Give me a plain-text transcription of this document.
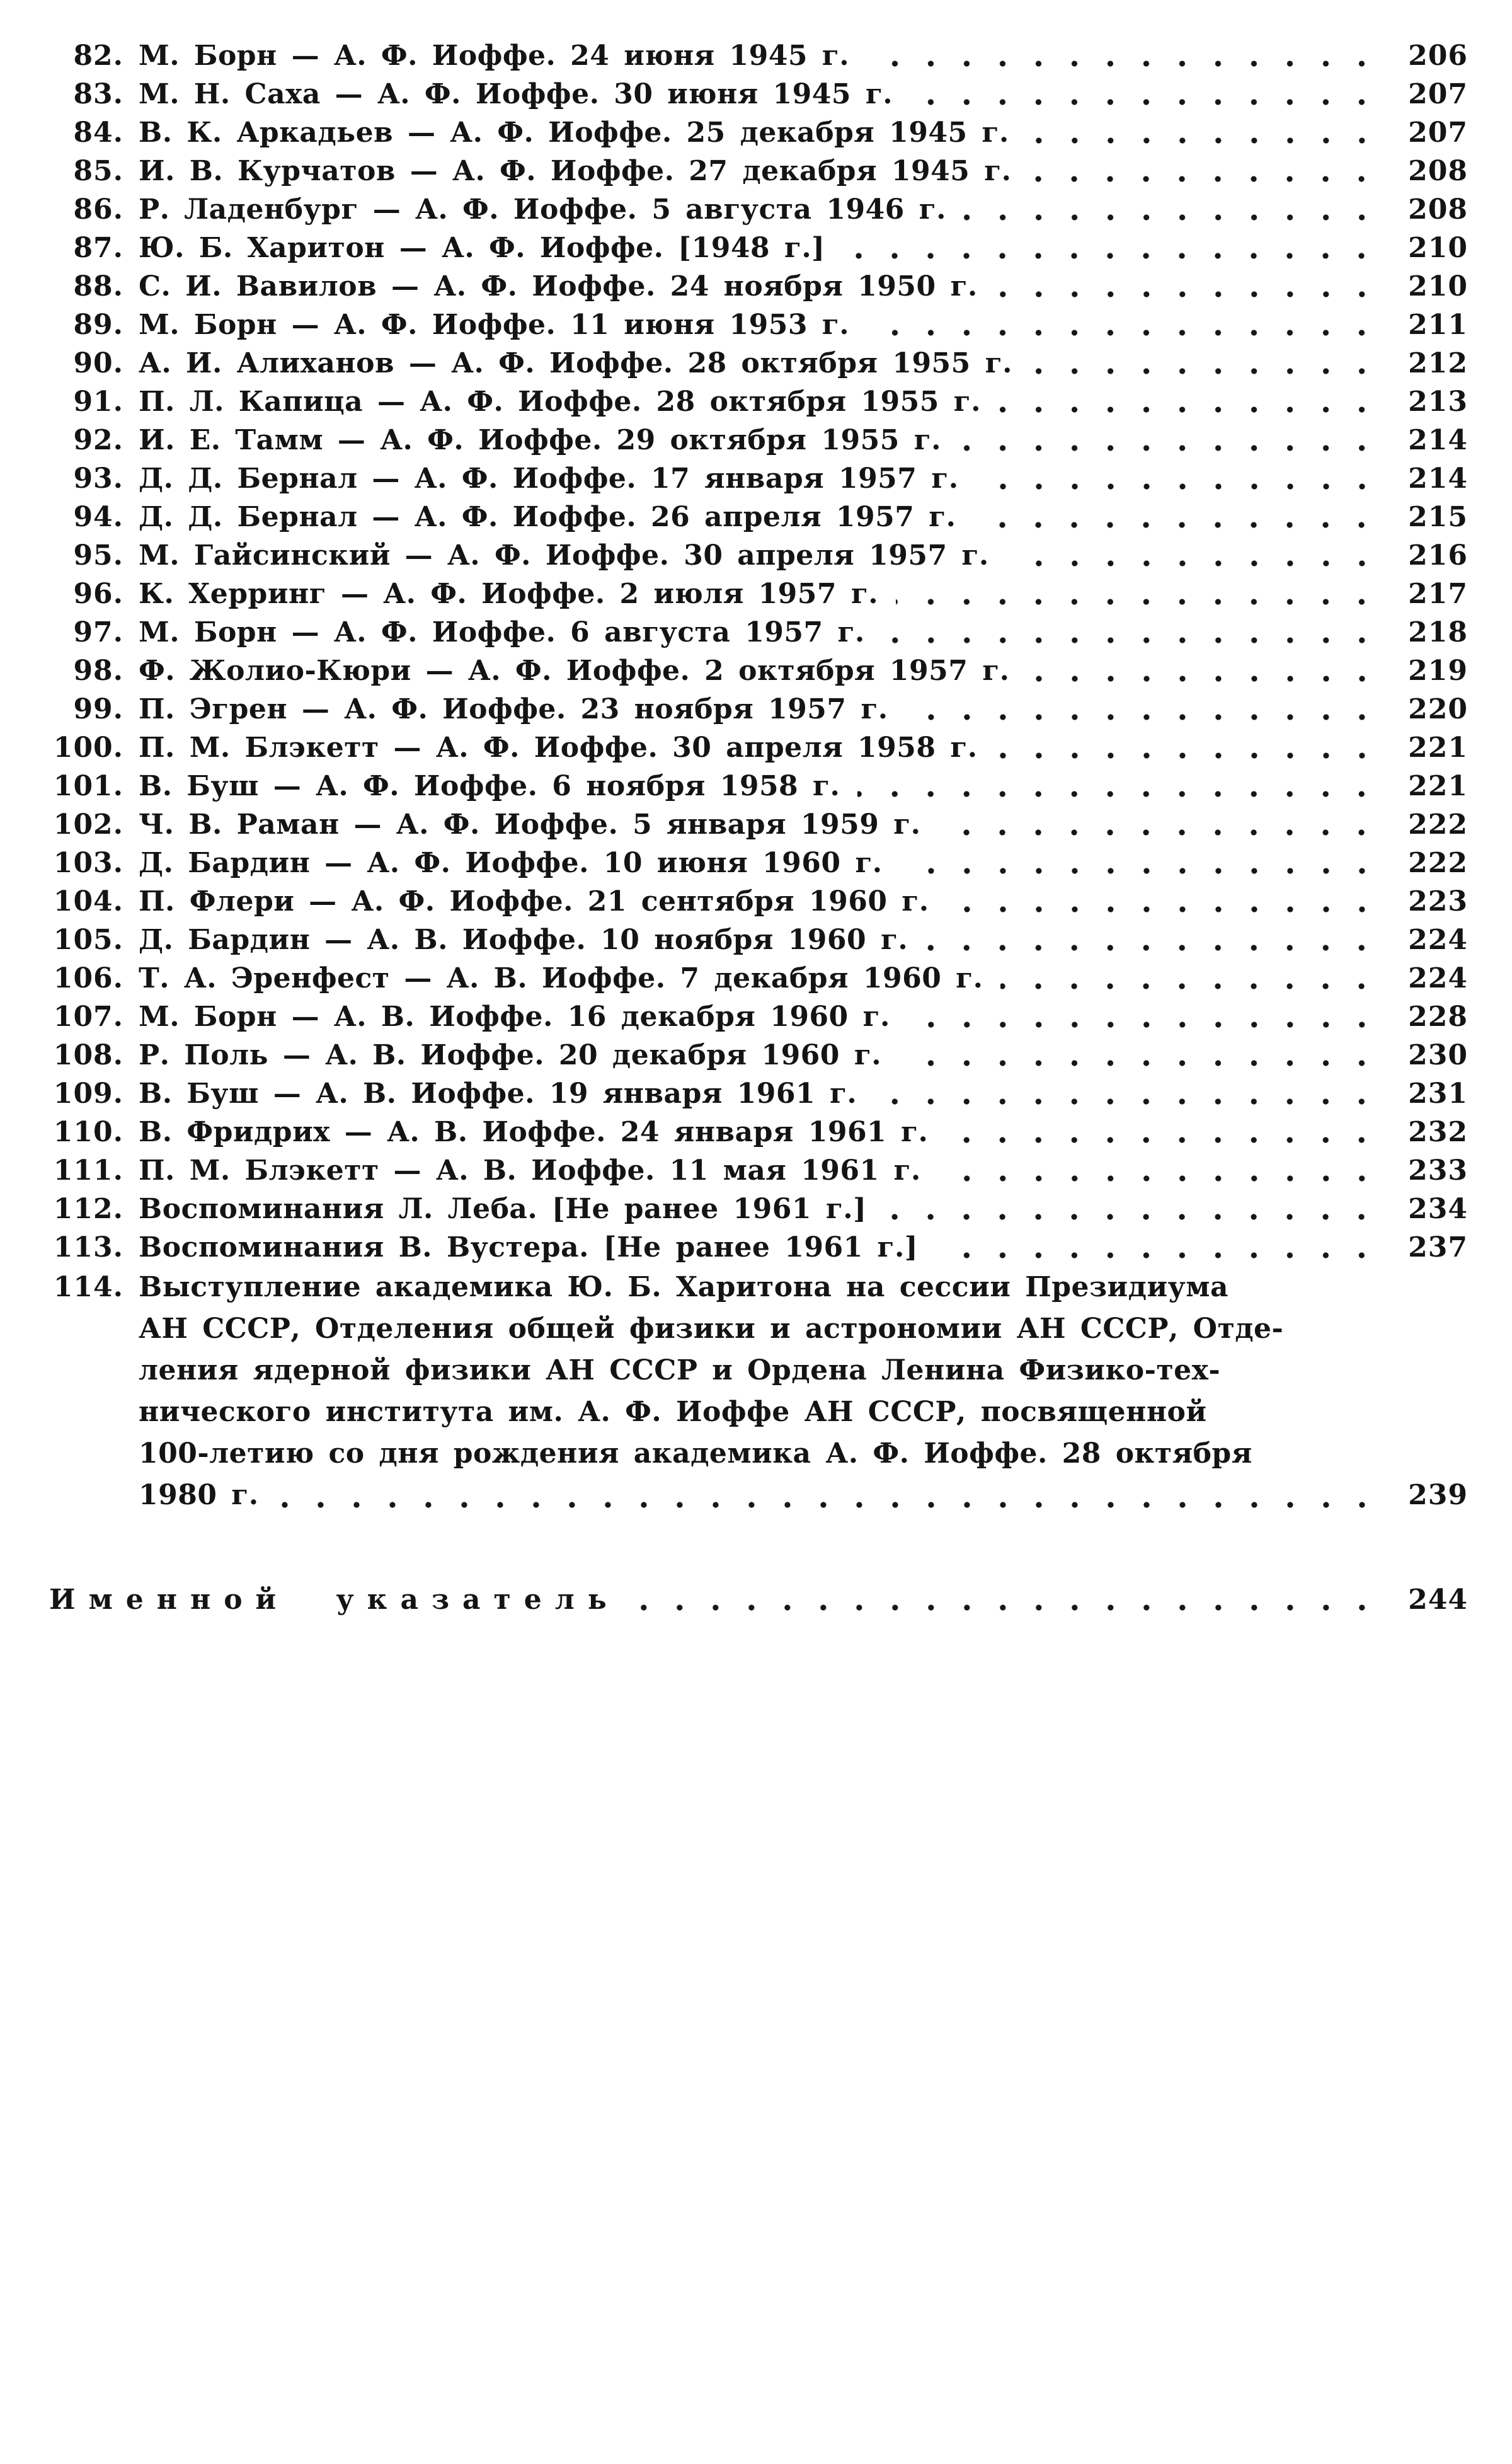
82. М. Борн — А. Ф. Иоффе. 24 июня 1945 г.	206
83. М. Н. Саха — А. Ф. Иоффе. 30 июня 1945 г.	207
84. В. К. Аркадьев — А. Ф. Иоффе. 25 декабря 1945 г.	207
85. И. В. Курчатов — А. Ф. Иоффе. 27 декабря 1945 г.	208
86. Р. Ладенбург — А. Ф. Иоффе. 5 августа 1946 г.	208
87. Ю. Б. Харитон — А. Ф. Иоффе. [1948 г.]	210
88. С. И. Вавилов — А. Ф. Иоффе. 24 ноября 1950 г.	210
89. М. Борн — А. Ф. Иоффе. 11 июня 1953 г.	211
90. А. И. Алиханов — А. Ф. Иоффе. 28 октября 1955 г.	212
91. П. Л. Капица — А. Ф. Иоффе. 28 октября 1955 г.	213
92. И. Е. Тамм — А. Ф. Иоффе. 29 октября 1955 г.	214
93. Д. Д. Бернал — А. Ф. Иоффе. 17 января 1957 г.	214
94. Д. Д. Бернал — А. Ф. Иоффе. 26 апреля 1957 г.	215
95. М. Гайсинский — А. Ф. Иоффе. 30 апреля 1957 г.	216
96. К. Херринг — А. Ф. Иоффе. 2 июля 1957 г.	217
97. М. Борн — А. Ф. Иоффе. 6 августа 1957 г.	218
98. Ф. Жолио-Кюри — А. Ф. Иоффе. 2 октября 1957 г.	219
99. П. Эгрен — А. Ф. Иоффе. 23 ноября 1957 г.	220
100. П. М. Блэкетт — А. Ф. Иоффе. 30 апреля 1958 г.	221
101. В. Буш — А. Ф. Иоффе. 6 ноября 1958 г.	221
102. Ч. В. Раман — А. Ф. Иоффе. 5 января 1959 г.	222
103. Д. Бардин — А. Ф. Иоффе. 10 июня 1960 г.	222
104. П. Флери — А. Ф. Иоффе. 21 сентября 1960 г.	223
105. Д. Бардин — А. В. Иоффе. 10 ноября 1960 г.	224
106. Т. А. Эренфест — А. В. Иоффе. 7 декабря 1960 г.	224
107. М. Борн — А. В. Иоффе. 16 декабря 1960 г.	228
108. Р. Поль — А. В. Иоффе. 20 декабря 1960 г.	230
109. В. Буш — А. В. Иоффе. 19 января 1961 г.	231
110. В. Фридрих — А. В. Иоффе. 24 января 1961 г.	232
111. П. М. Блэкетт — А. В. Иоффе. 11 мая 1961 г.	233
112. Воспоминания Л. Леба. [Не ранее 1961 г.]	234
113. Воспоминания В. Вустера. [Не ранее 1961 г.]	237
114. Выступление академика Ю. Б. Харитона на сессии Президиума
АН СССР, Отделения общей физики и астрономии АН СССР, Отде-
ления ядерной физики АН СССР и Ордена Ленина Физико-тех-
нического института им. А. Ф. Иоффе АН СССР, посвященной
100-летию со дня рождения академика А. Ф. Иоффе. 28 октября
1980 г.	239
Именной указатель	244
